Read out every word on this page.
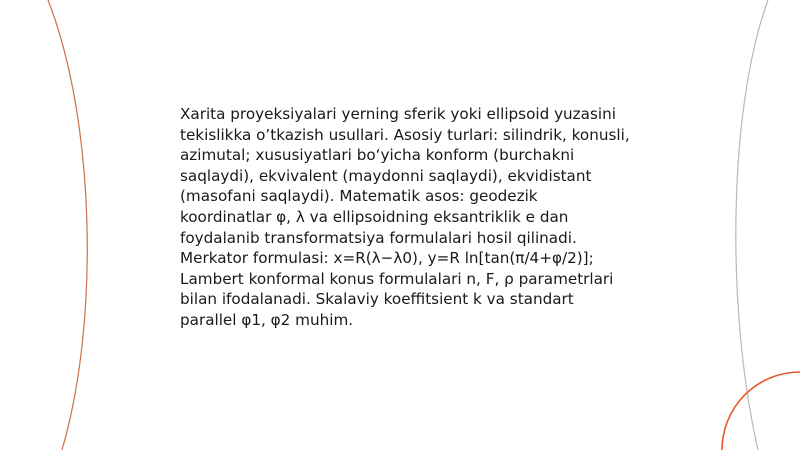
Xarita proyeksiyalari yerning sferik yoki ellipsoid yuzasini tekislikka o’tkazish usullari. Asosiy turlari: silindrik, konusli, azimutal; xususiyatlari bo‘yicha konform (burchakni saqlaydi), ekvivalent (maydonni saqlaydi), ekvidistant (masofani saqlaydi). Matematik asos: geodezik koordinatlar φ, λ va ellipsoidning eksantriklik e dan foydalanib transformatsiya formulalari hosil qilinadi. Merkator formulasi: x=R(λ−λ0), y=R ln[tan(π/4+φ/2)]; Lambert konformal konus formulalari n, F, ρ parametrlari bilan ifodalanadi. Skalaviy koeffitsient k va standart parallel φ1, φ2 muhim.
